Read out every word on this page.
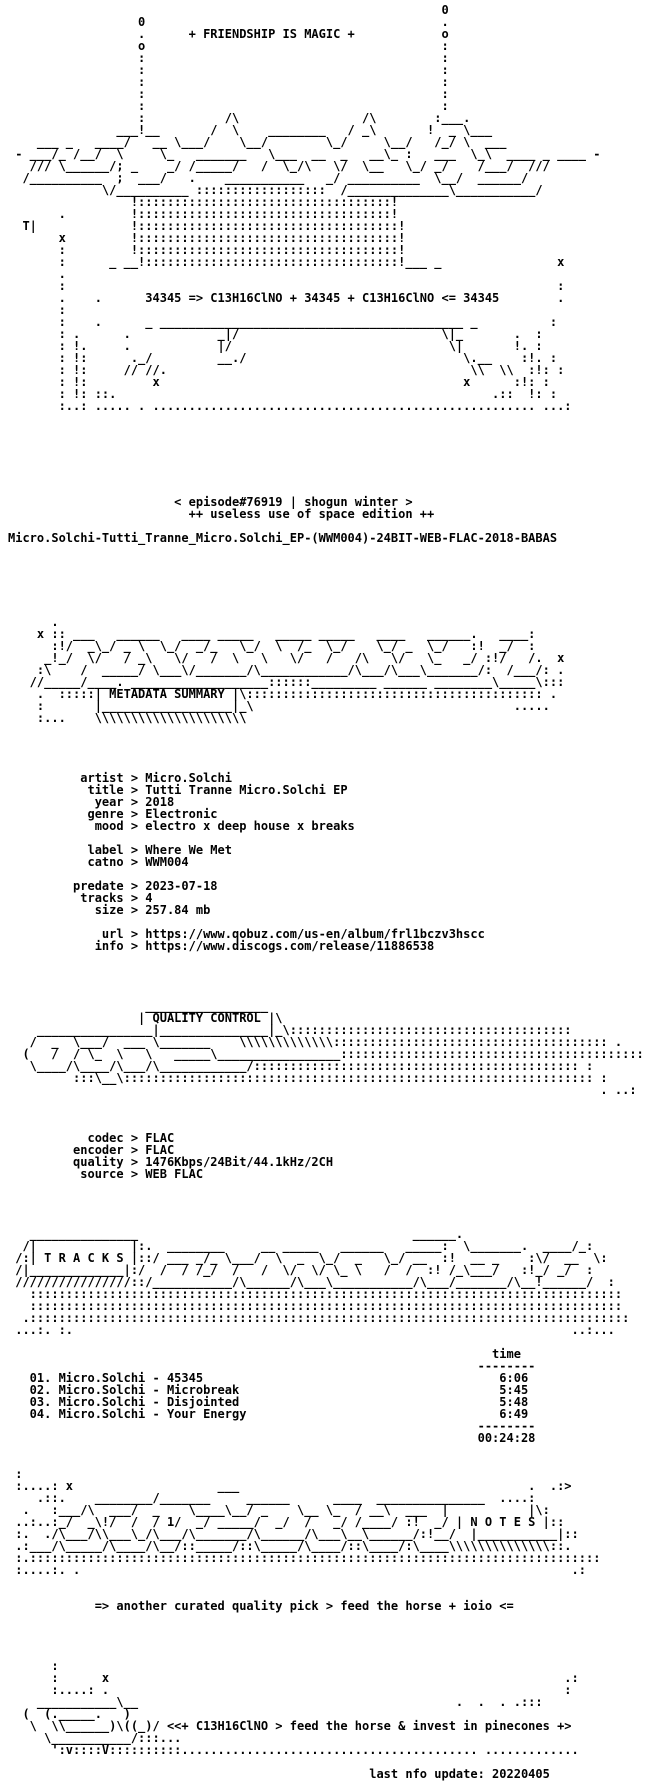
0
0                                         .
.      + FRIENDSHIP IS MAGIC +            o
o                                         :
:                                         :
:                                         :
:                                         :
:                                         :
:                                         :
:           /\                 /\        :___.
___!__       /  \    ________   / _\       !  _ \___
___ _   ____/   __ \___/    \__/        \_/     \__/   /_/ \  ___
- ___/_ /__/  \     \_   _______   \___  __  _   __\_ :   ___  \_\  ____ _ ____ -
/// \______/; _    _/ /_____/   /  \_/\   \/  \__   \_/ _/    /___/  ///
/__________  ;  ___/   .    ___________   _/ __________  \__/  ______/
\/__________ ::::::::::::::::::  /______________\___________/
!:::::::::::::::::::::::::::::::::::!
.         !:::::::::::::::::::::::::::::::::::!
T|             !::::::::::::::::::::::::::::::::::::!
x         !::::::::::::::::::::::::::::::::::::!
:         !::::::::::::::::::::::::::::::::::::!
:      _ __!:::::::::::::::::::::::::::::::::::!___ _                x
.
:                                                                    :
.    .      34345 => C13H16ClNO + 34345 + C13H16ClNO <= 34345        .
:
:    .      _ __________________________________________ _          :
: .      .            _|/                            \|_       .  :
: !.     .            |/                              \|       !. :
: !:      ._/         __./                              \.__    :!. :
: !:     // //.                                          \\  \\  :!: :
: !:         x                                          x      :!: :
: !: ::.                                                    .::  !: :
:..: ..... . ..................................................... ...:
< episode#76919 | shogun winter >
++ useless use of space edition ++
Micro.Solchi-Tutti_Tranne_Micro.Solchi_EP-(WWM004)-24BIT-WEB-FLAC-2018-BABAS
.
x :: ___   ______   ____ _____   _____ _____   ____   ______.   ____:
:!/  _\_/ _ \  \_/  _/_   \_/  \  /_  \_/    \_/ _  \_/   :!  _/  :
_!_/  \/   / _\   \/   /  \   \   \/   /   /\   \/   \_   _/ :!/   /.  x
:\    /  _____/ \___\/_______/\____________/\___/\___\_______/:  /___/: .
//_____/____. ___________________::::::_________ ______ ________\_____\:::
.  :::::| METADATA SUMMARY |\::::::::::::::::::::::::::::::::::::::::: .
:       |__________________|_\                                    .....
:...    \\\\\\\\\\\\\\\\\\\\\
artist > Micro.Solchi
title > Tutti Tranne Micro.Solchi EP
year > 2018
genre > Electronic
mood > electro x deep house x breaks
label > Where We Met
catno > WWM004
predate > 2023-07-18
tracks > 4
size > 257.84 mb
url > https://www.qobuz.com/us-en/album/frl1bczv3hscc
info > https://www.discogs.com/release/11886538
_________________
| QUALITY CONTROL |\
________________|_______________|_\:::::::::::::::::::::::::::::::::::::::
/  _  \___/  ___ \_______    \\\\\\\\\\\\\:::::::::::::::::::::::::::::::::::::: .
(   /  / \_  \   \   _____\_________________::::::::::::::::::::::::::::::::::::::::::
\____/\____/\___/\____________/::::::::::::::::::::::::::::::::::::::::::::: :
:::\__\::::::::::::::::::::::::::::::::::::::::::::::::::::::::::::::::: :
. ..:
codec > FLAC
encoder > FLAC
quality > 1476Kbps/24Bit/44.1kHz/2CH
source > WEB FLAC
_______________                                      ______.
/|             |:.  ________     __ _____   ______   _____:  \_______.  ____/_:
/:| T R A C K S |::/ ___ _/_ \___/  \  _  \_/  _   \_/ __  :!  __ _    :\/  __  \:
/|_____________|:/  /  / /_/  /   /  \/  \/ \_ \   /  /  :! /_\___/   :!_/ _/  :
////////////////::/___________/\______/\___\___________/\___/_______/\__!______/  :
::::::::::::::::::::::::::::::::::::::::::::::::::::::::::::::::::::::::::::::::::
::::::::::::::::::::::::::::::::::::::::::::::::::::::::::::::::::::::::::::::::::
.:::::::::::::::::::::::::::::::::::::::::::::::::::::::::::::::::::::::::::::::::::
...:. :.                                                                     ..:...
time
--------
01. Micro.Solchi - 45345                                         6:06
02. Micro.Solchi - Microbreak                                    5:45
03. Micro.Solchi - Disjointed                                    5:48
04. Micro.Solchi - Your Energy                                   6:49
--------
00:24:28
:
:....: x                    ___                                        .  .:>
.::.    ________/_______     ______      ____  _______________  ....:
.   :___/\  ___/  _    \____\__/ _    \__ \_  / __\  ___  |           |\:
..:..:_/  _\!/  /  / 1/  _/ _____/  _/  /   _/ /____/ :!  _/ | N O T E S |::
:.  ./\___/\\___\_/\___/\_______/\______/\___\__\______/:!__/  |___________|::
.:___/\_____/\____/\__/::_____/::\_____/\____/::\____/:\____\\\\\\\\\\\\\\::.
:.:::::::::::::::::::::::::::::::::::::::::::::::::::::::::::::::::::::::::::::::
:....:. .                                                                    .:
=> another curated quality pick > feed the horse + ioio <=
:
:      x                                                               .:
:....: .                                                               :
___________\__                                            .  .  . .:::
(  (._____.   )
\  \\______)\((_)/ <<+ C13H16ClNO > feed the horse & invest in pinecones +>
\___________/:::...
':v::::V::::::::::......................................... .............
last nfo update: 20220405
